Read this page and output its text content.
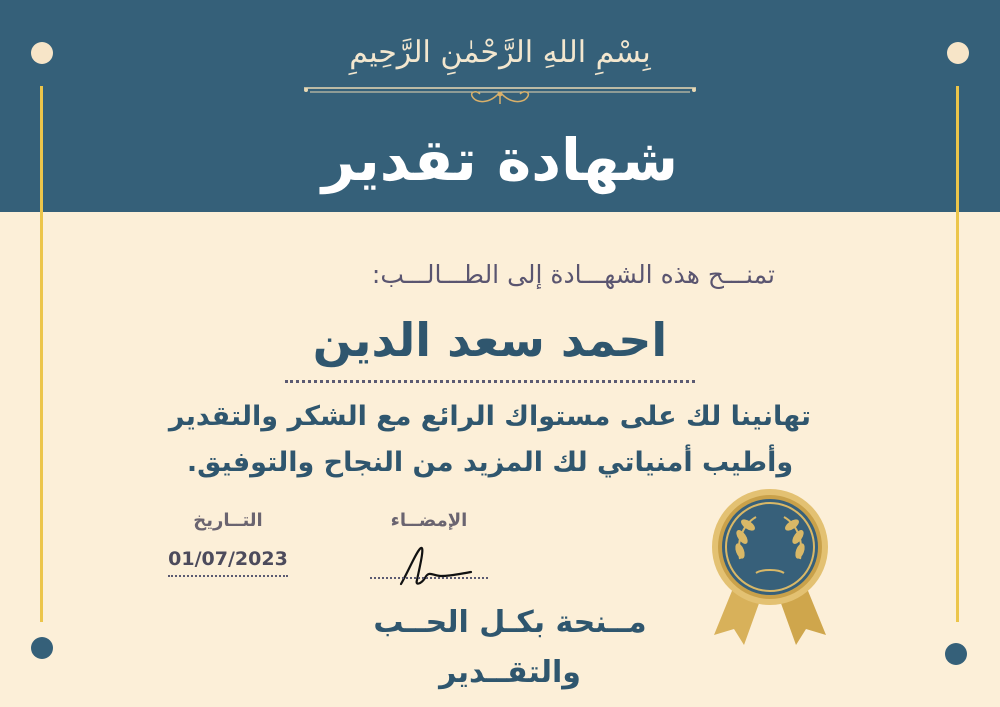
بِسْمِ اللهِ الرَّحْمٰنِ الرَّحِيمِ
شهادة تقدير
تمنـــح هذه الشهـــادة إلى الطـــالـــب:
احمد سعد الدين
تهانينا لك على مستواك الرائع مع الشكر والتقدير
وأطيب أمنياتي لك المزيد من النجاح والتوفيق.
التــاريخ
01/07/2023
الإمضــاء
مــنحة بكـل الحــب والتقــدير
